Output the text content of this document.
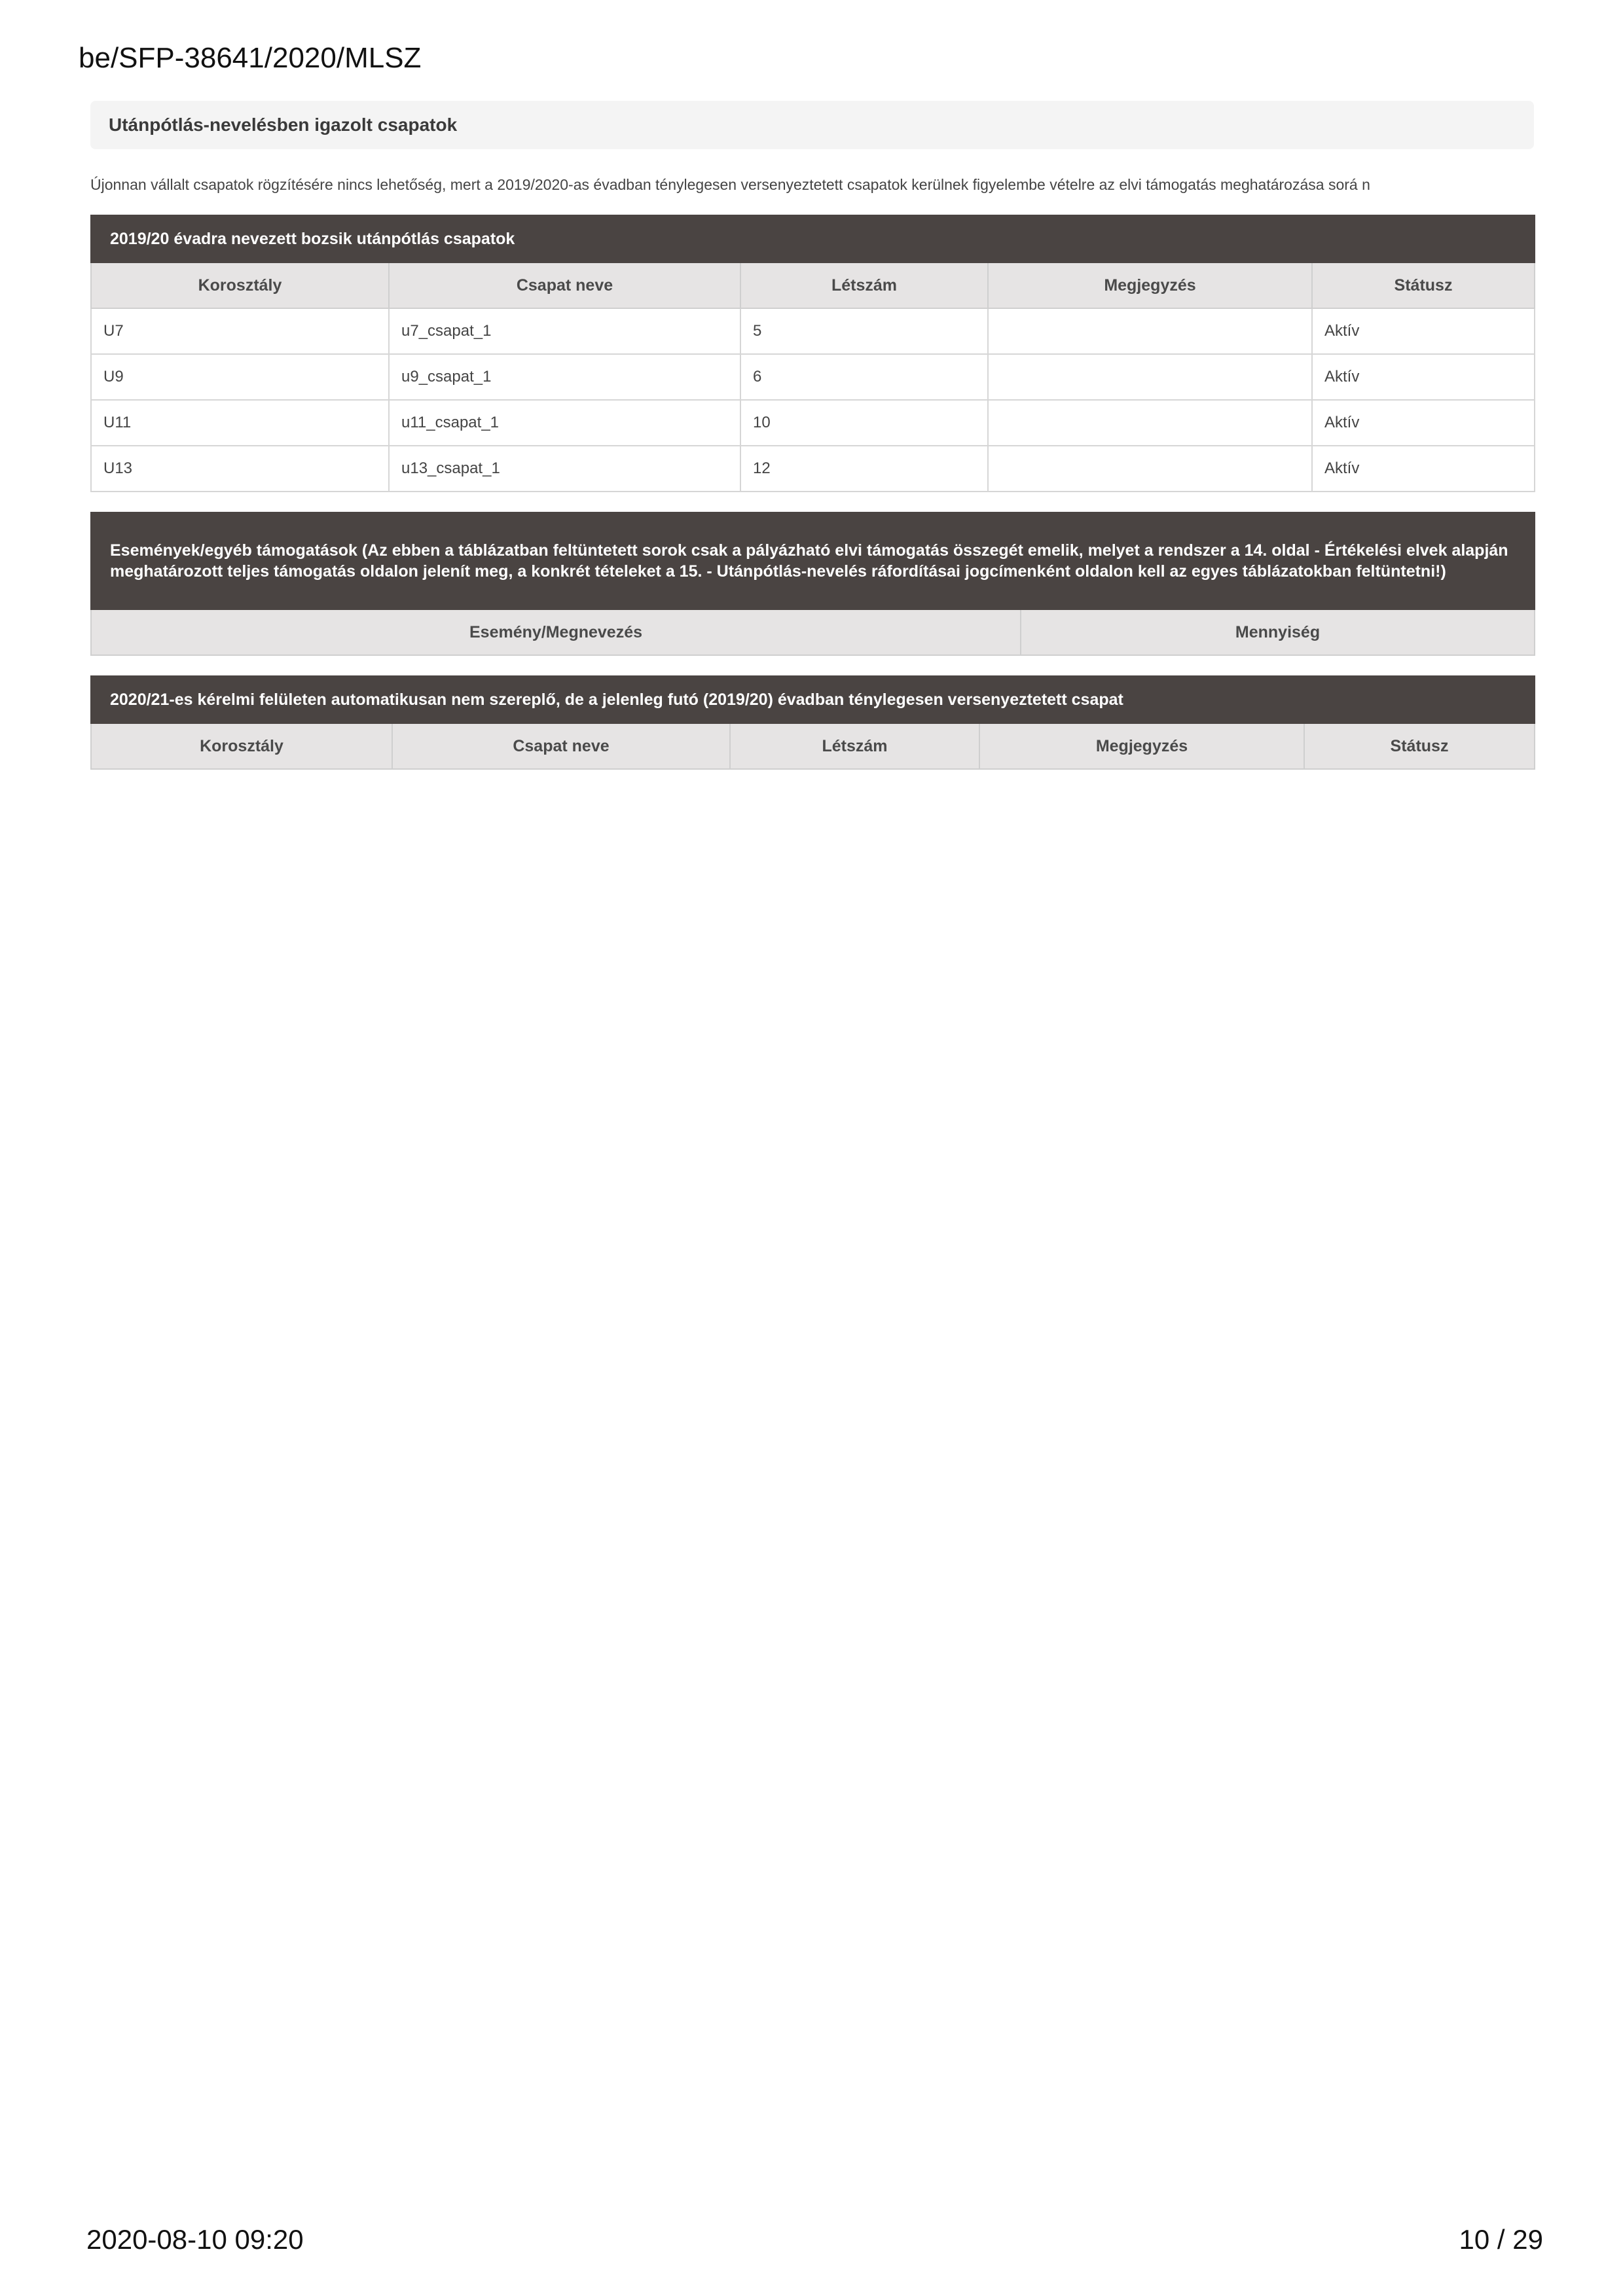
be/SFP-38641/2020/MLSZ
Utánpótlás-nevelésben igazolt csapatok
Újonnan vállalt csapatok rögzítésére nincs lehetőség, mert a 2019/2020-as évadban ténylegesen versenyeztetett csapatok kerülnek figyelembe vételre az elvi támogatás meghatározása sorá n
2019/20 évadra nevezett bozsik utánpótlás csapatok				
Korosztály	Csapat neve	Létszám	Megjegyzés	Státusz
U7	u7_csapat_1	5		Aktív
U9	u9_csapat_1	6		Aktív
U11	u11_csapat_1	10		Aktív
U13	u13_csapat_1	12		Aktív
Események/egyéb támogatások (Az ebben a táblázatban feltüntetett sorok csak a pályázható elvi támogatás összegét emelik, melyet a rendszer a 14. oldal - Értékelési elvek alapján meghatározott teljes támogatás oldalon jelenít meg, a konkrét tételeket a 15. - Utánpótlás-nevelés ráfordításai jogcímenként oldalon kell az egyes táblázatokban feltüntetni!)
Esemény/Megnevezés	Mennyiség
2020/21-es kérelmi felületen automatikusan nem szereplő, de a jelenleg futó (2019/20) évadban ténylegesen versenyeztetett csapat
Korosztály	Csapat neve	Létszám	Megjegyzés	Státusz
2020-08-10 09:20	10 / 29
